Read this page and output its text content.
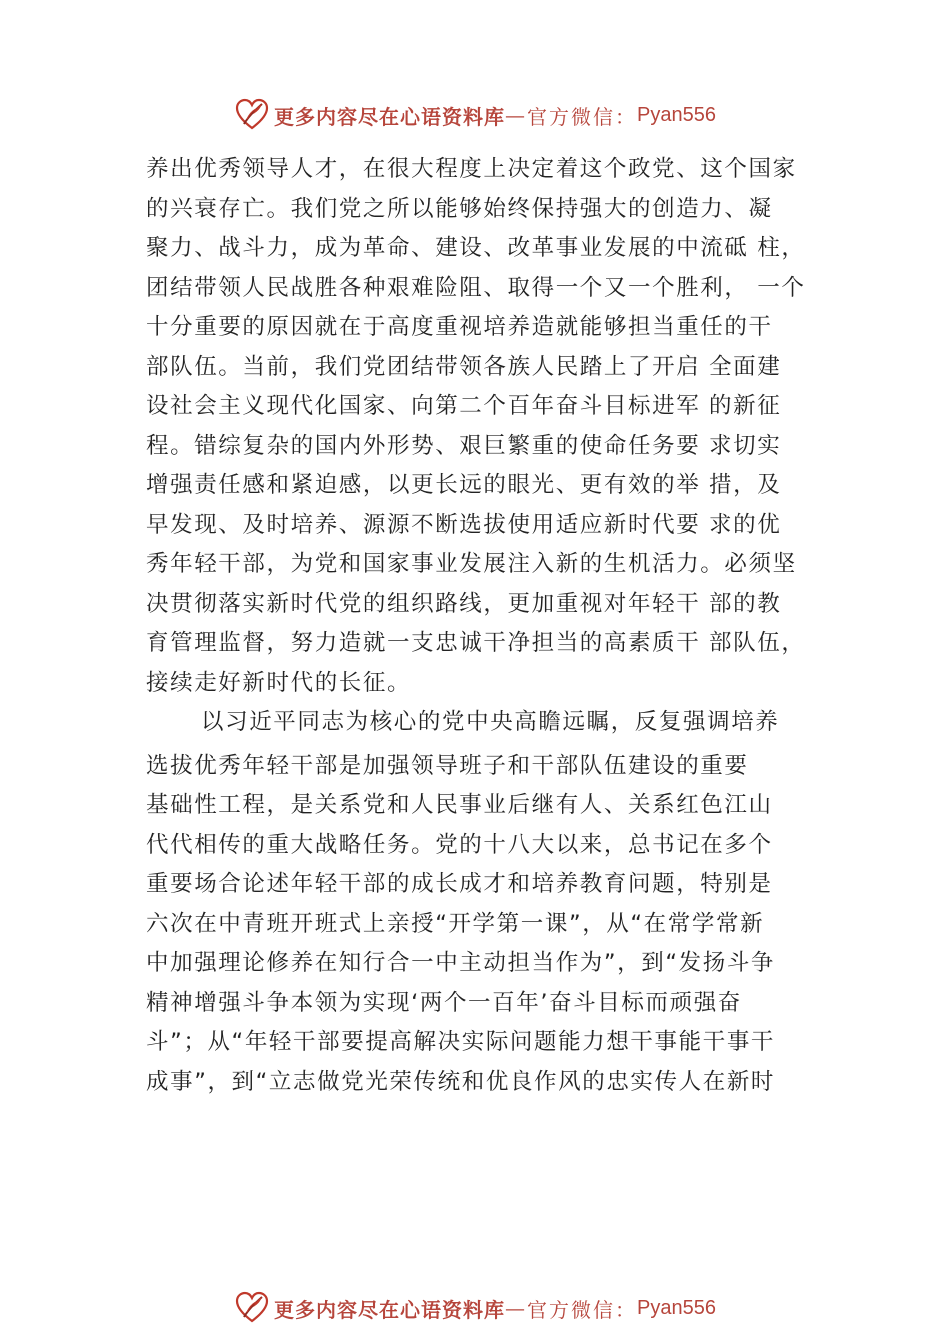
更多内容尽在心语资料库 — 官方微信： Pyan556
养出优秀领导人才，在很大程度上决定着这个政党、这个国家
的兴衰存亡。我们党之所以能够始终保持强大的创造力、凝
聚力、战斗力，成为革命、建设、改革事业发展的中流砥 柱，
团结带领人民战胜各种艰难险阻、取得一个又一个胜利， 一个
十分重要的原因就在于高度重视培养造就能够担当重任的干
部队伍。当前，我们党团结带领各族人民踏上了开启 全面建
设社会主义现代化国家、向第二个百年奋斗目标进军 的新征
程。错综复杂的国内外形势、艰巨繁重的使命任务要 求切实
增强责任感和紧迫感，以更长远的眼光、更有效的举 措，及
早发现、及时培养、源源不断选拔使用适应新时代要 求的优
秀年轻干部，为党和国家事业发展注入新的生机活力。必须坚
决贯彻落实新时代党的组织路线，更加重视对年轻干 部的教
育管理监督，努力造就一支忠诚干净担当的高素质干 部队伍，
接续走好新时代的长征。
以习近平同志为核心的党中央高瞻远瞩，反复强调培养
选拔优秀年轻干部是加强领导班子和干部队伍建设的重要
基础性工程，是关系党和人民事业后继有人、关系红色江山
代代相传的重大战略任务。党的十八大以来，总书记在多个
重要场合论述年轻干部的成长成才和培养教育问题，特别是
六次在中青班开班式上亲授“开学第一课”，从“在常学常新
中加强理论修养在知行合一中主动担当作为”，到“发扬斗争
精神增强斗争本领为实现‘两个一百年’奋斗目标而顽强奋
斗”；从“年轻干部要提高解决实际问题能力想干事能干事干
成事”，到“立志做党光荣传统和优良作风的忠实传人在新时
更多内容尽在心语资料库 — 官方微信： Pyan556
